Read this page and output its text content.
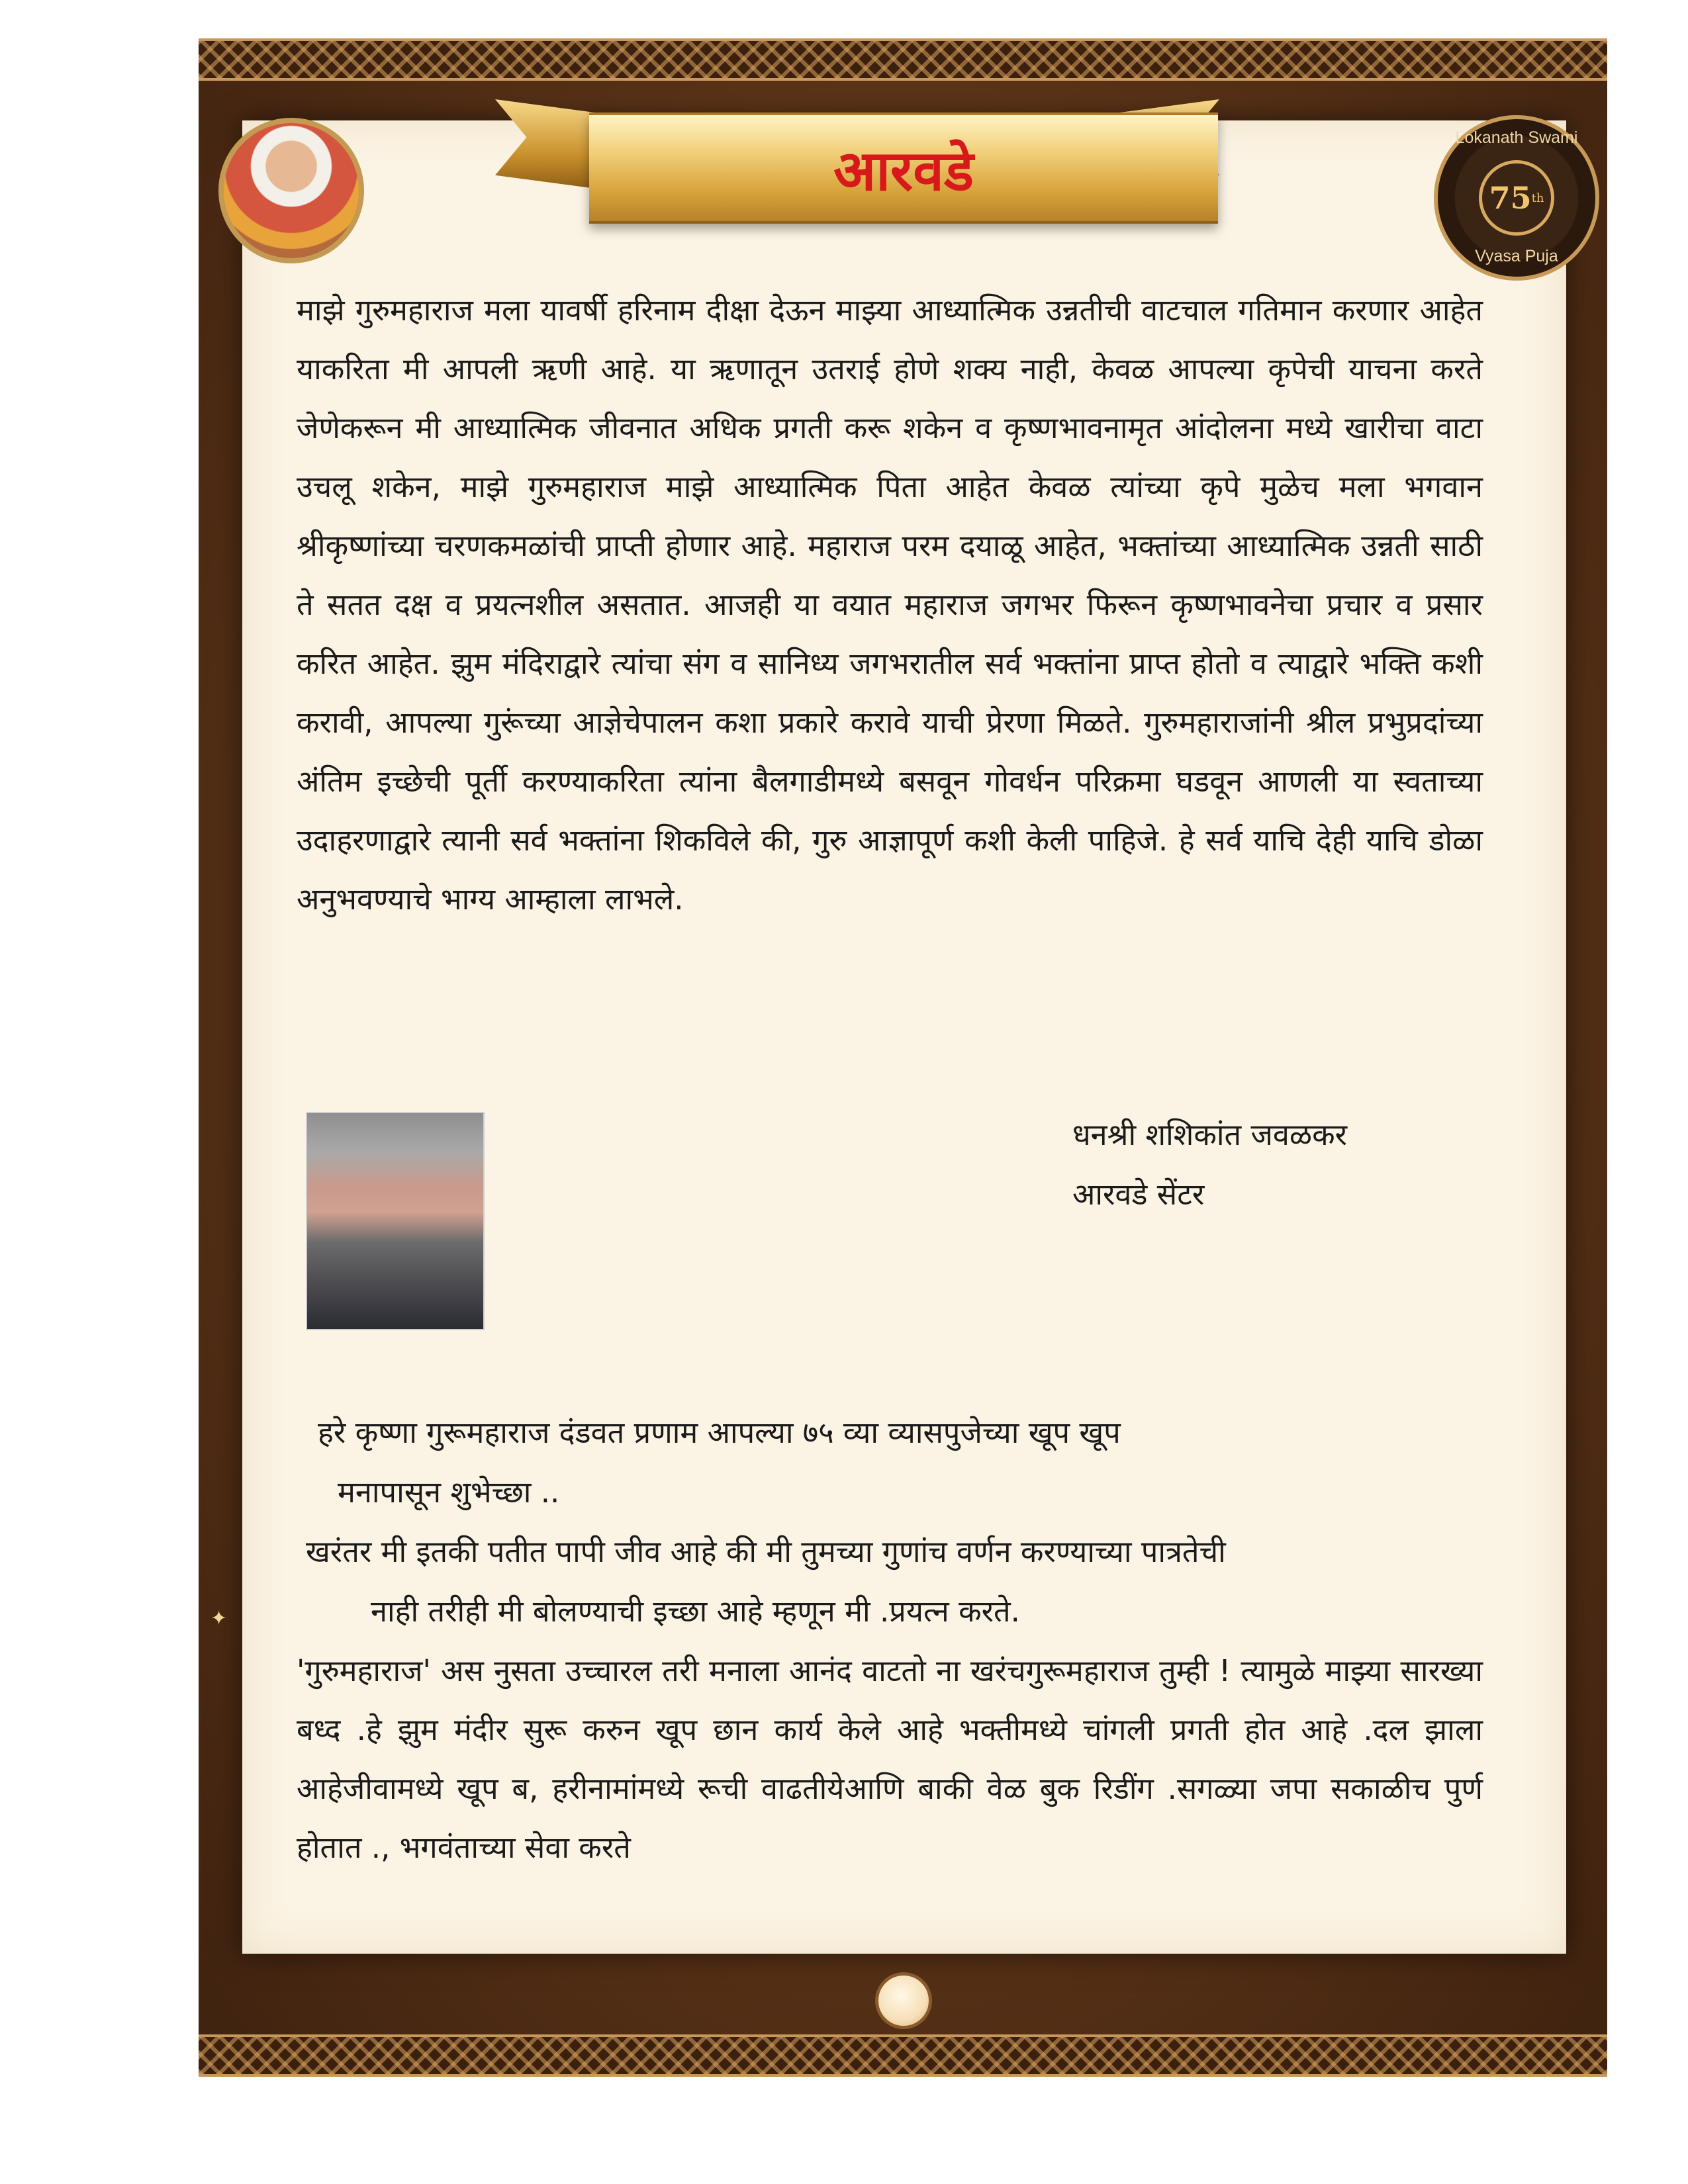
आरवडे
Lokanath Swami
75 th
Vyasa Puja

माझे गुरुमहाराज मला यावर्षी हरिनाम दीक्षा देऊन माझ्या आध्यात्मिक उन्नतीची वाटचाल गतिमान करणार आहेत याकरिता मी आपली ऋणी आहे. या ऋणातून उतराई होणे शक्य नाही, केवळ आपल्या कृपेची याचना करते जेणेकरून मी आध्यात्मिक जीवनात अधिक प्रगती करू शकेन व कृष्णभावनामृत आंदोलना मध्ये खारीचा वाटा उचलू शकेन, माझे गुरुमहाराज माझे आध्यात्मिक पिता आहेत केवळ त्यांच्या कृपे मुळेच मला भगवान श्रीकृष्णांच्या चरणकमळांची प्राप्ती होणार आहे. महाराज परम दयाळू आहेत, भक्तांच्या आध्यात्मिक उन्नती साठी ते सतत दक्ष व प्रयत्नशील असतात. आजही या वयात महाराज जगभर फिरून कृष्णभावनेचा प्रचार व प्रसार करित आहेत. झुम मंदिराद्वारे त्यांचा संग व सानिध्य जगभरातील सर्व भक्तांना प्राप्त होतो व त्याद्वारे भक्ति कशी करावी, आपल्या गुरूंच्या आज्ञेचेपालन कशा प्रकारे करावे याची प्रेरणा मिळते. गुरुमहाराजांनी श्रील प्रभुप्रदांच्या अंतिम इच्छेची पूर्ती करण्याकरिता त्यांना बैलगाडीमध्ये बसवून गोवर्धन परिक्रमा घडवून आणली या स्वताच्या उदाहरणाद्वारे त्यानी सर्व भक्तांना शिकविले की, गुरु आज्ञापूर्ण कशी केली पाहिजे. हे सर्व याचि देही याचि डोळा अनुभवण्याचे भाग्य आम्हाला लाभले.

धनश्री शशिकांत जवळकर
आरवडे सेंटर

हरे कृष्णा गुरूमहाराज दंडवत प्रणाम आपल्या ७५ व्या व्यासपुजेच्या खूप खूप

मनापासून शुभेच्छा ..

खरंतर मी इतकी पतीत पापी जीव आहे की मी तुमच्या गुणांच वर्णन करण्याच्या पात्रतेची

नाही तरीही मी बोलण्याची इच्छा आहे म्हणून मी .प्रयत्न करते.

'गुरुमहाराज' अस नुसता उच्चारल तरी मनाला आनंद वाटतो ना खरंचगुरूमहाराज तुम्ही ! त्यामुळे माझ्या सारख्या बध्द .हे झुम मंदीर सुरू करुन खूप छान कार्य केले आहे भक्तीमध्ये चांगली प्रगती होत आहे .दल झाला आहेजीवामध्ये खूप ब, हरीनामांमध्ये रूची वाढतीयेआणि बाकी वेळ बुक रिडींग .सगळ्या जपा सकाळीच पुर्ण होतात ., भगवंताच्या सेवा करते

✦
